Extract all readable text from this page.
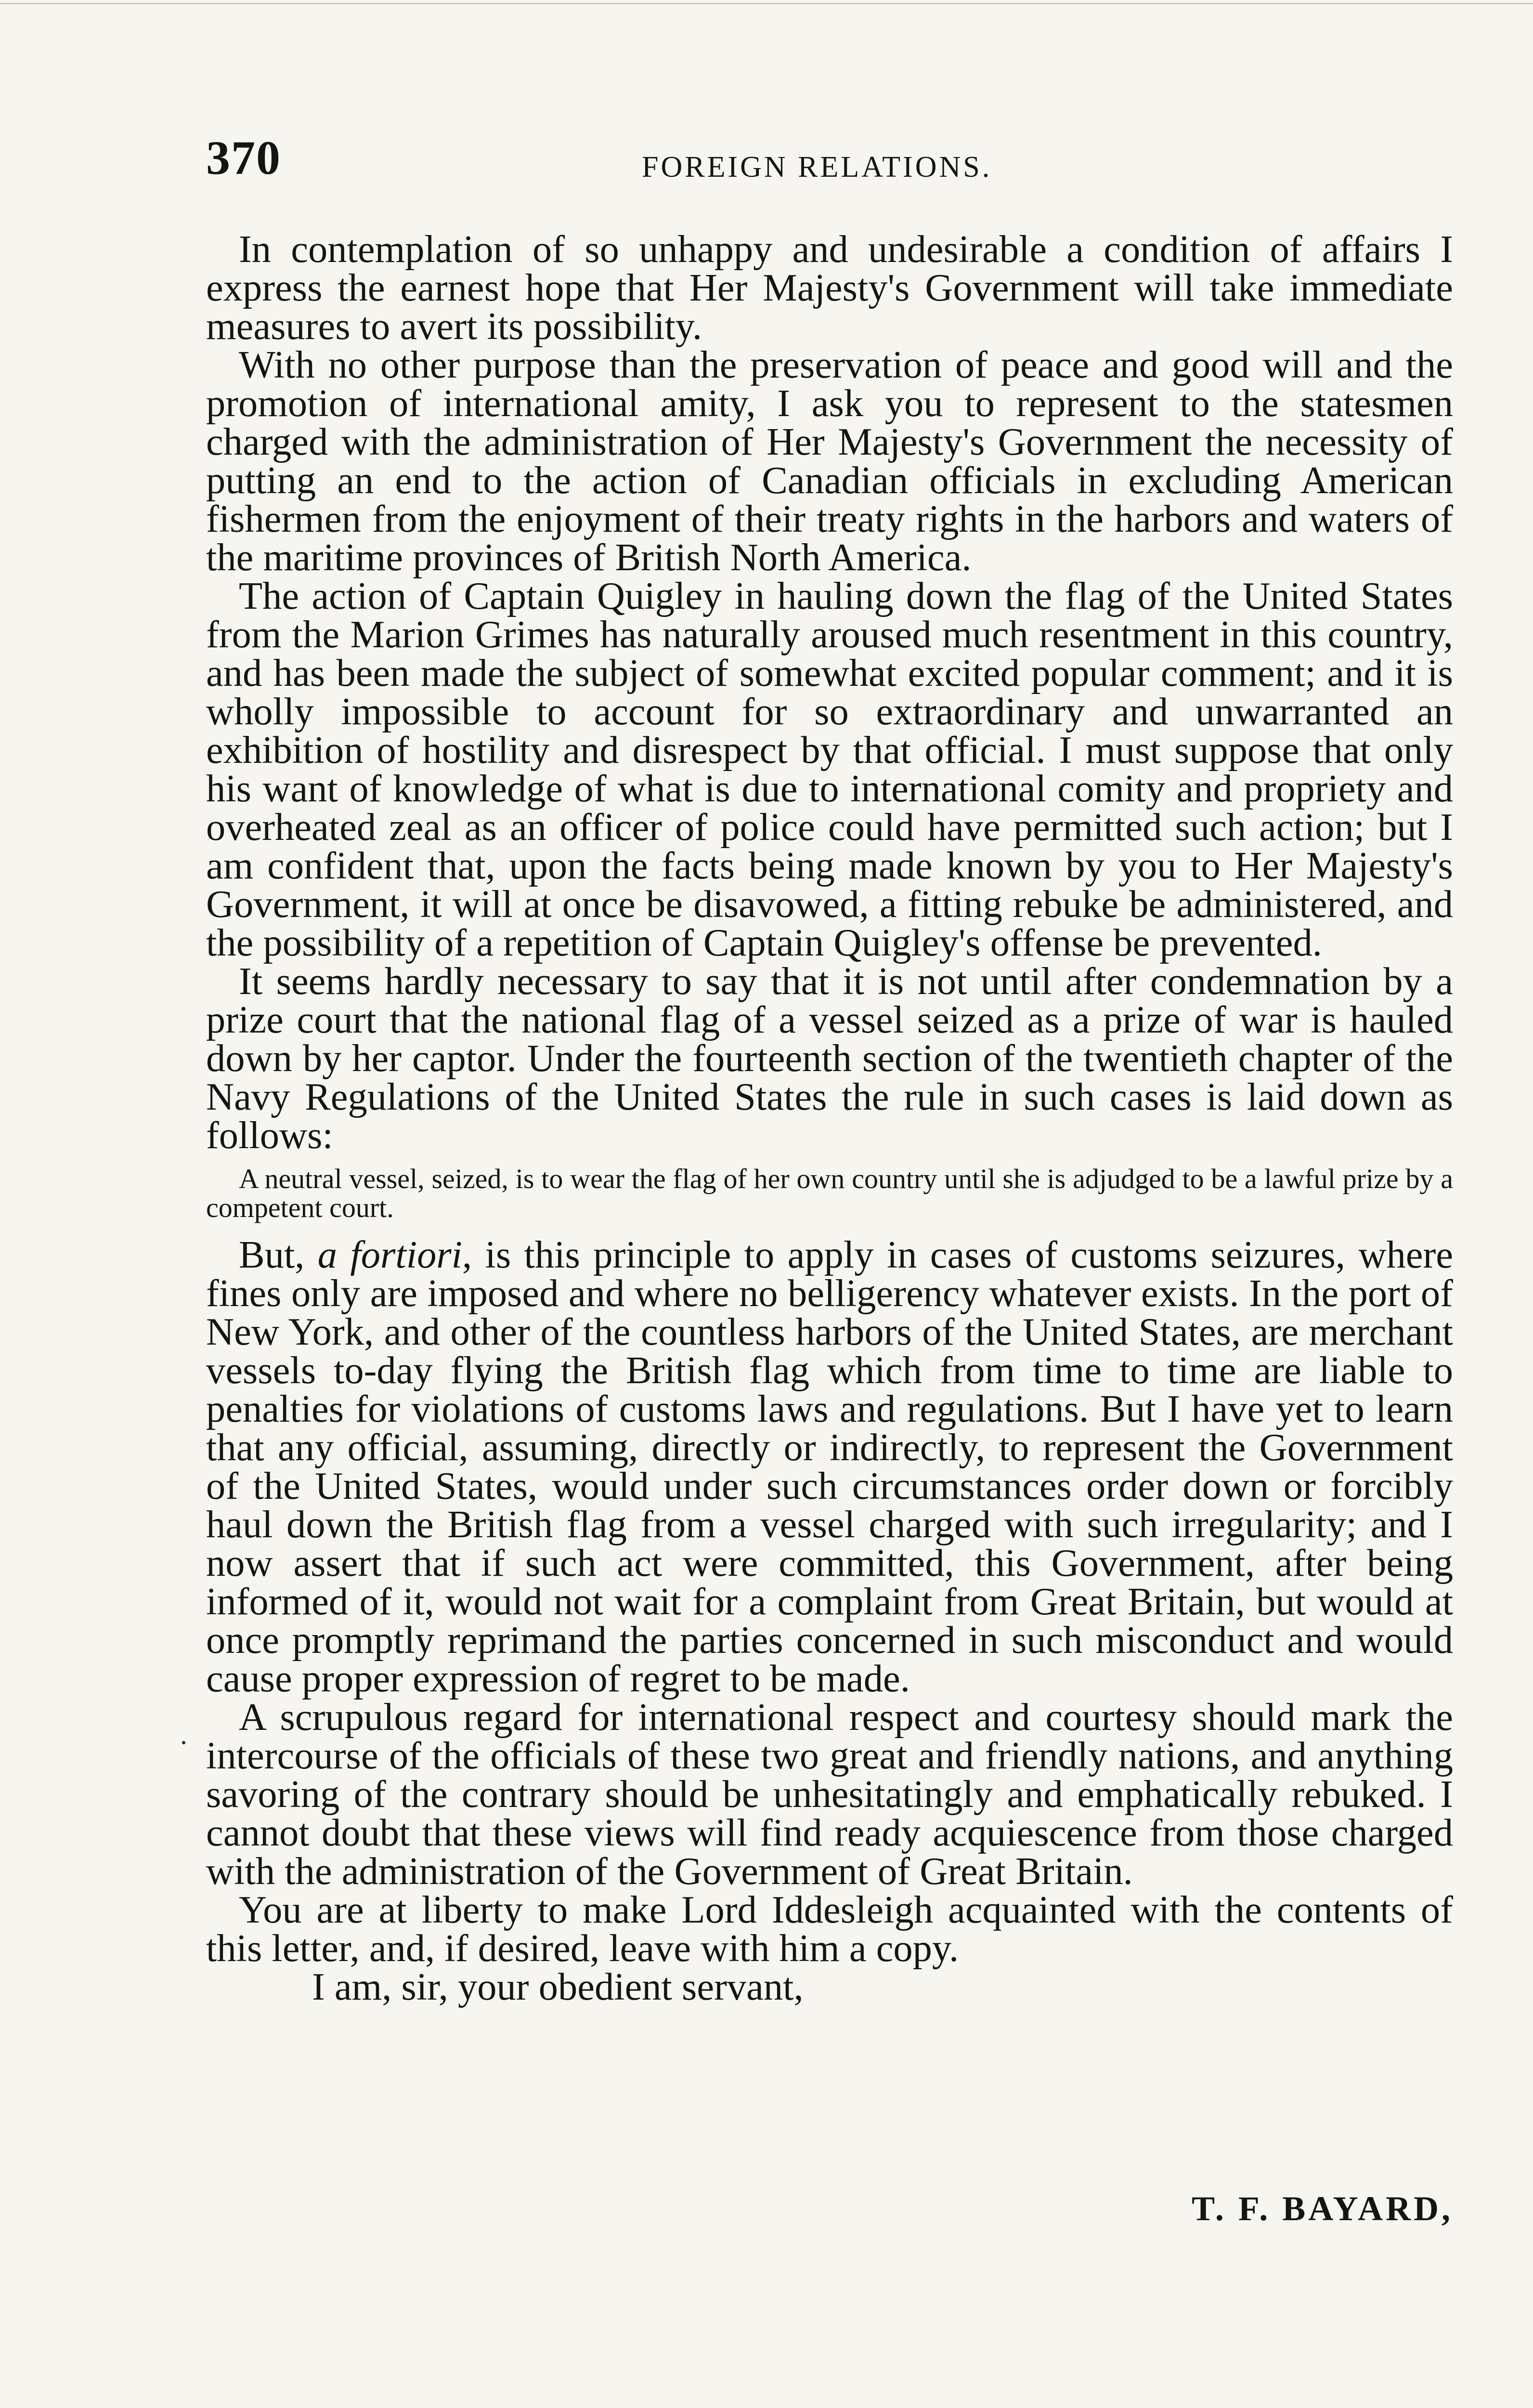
370	FOREIGN RELATIONS.

In contemplation of so unhappy and undesirable a condition of affairs I express the earnest hope that Her Majesty's Government will take immediate measures to avert its possibility.

With no other purpose than the preservation of peace and good will and the promotion of international amity, I ask you to represent to the statesmen charged with the administration of Her Majesty's Government the necessity of putting an end to the action of Canadian officials in excluding American fishermen from the enjoyment of their treaty rights in the harbors and waters of the maritime provinces of British North America.

The action of Captain Quigley in hauling down the flag of the United States from the Marion Grimes has naturally aroused much resentment in this country, and has been made the subject of somewhat excited popular comment; and it is wholly impossible to account for so extraordinary and unwarranted an exhibition of hostility and disrespect by that official. I must suppose that only his want of knowledge of what is due to international comity and propriety and overheated zeal as an officer of police could have permitted such action; but I am confident that, upon the facts being made known by you to Her Majesty's Government, it will at once be disavowed, a fitting rebuke be administered, and the possibility of a repetition of Captain Quigley's offense be prevented.

It seems hardly necessary to say that it is not until after condemnation by a prize court that the national flag of a vessel seized as a prize of war is hauled down by her captor. Under the fourteenth section of the twentieth chapter of the Navy Regulations of the United States the rule in such cases is laid down as follows:

A neutral vessel, seized, is to wear the flag of her own country until she is adjudged to be a lawful prize by a competent court.

But, a fortiori, is this principle to apply in cases of customs seizures, where fines only are imposed and where no belligerency whatever exists. In the port of New York, and other of the countless harbors of the United States, are merchant vessels to-day flying the British flag which from time to time are liable to penalties for violations of customs laws and regulations. But I have yet to learn that any official, assuming, directly or indirectly, to represent the Government of the United States, would under such circumstances order down or forcibly haul down the British flag from a vessel charged with such irregularity; and I now assert that if such act were committed, this Government, after being informed of it, would not wait for a complaint from Great Britain, but would at once promptly reprimand the parties concerned in such misconduct and would cause proper expression of regret to be made.

A scrupulous regard for international respect and courtesy should mark the intercourse of the officials of these two great and friendly nations, and anything savoring of the contrary should be unhesitatingly and emphatically rebuked. I cannot doubt that these views will find ready acquiescence from those charged with the administration of the Government of Great Britain.

You are at liberty to make Lord Iddesleigh acquainted with the contents of this letter, and, if desired, leave with him a copy.

I am, sir, your obedient servant,

T. F. BAYARD,
